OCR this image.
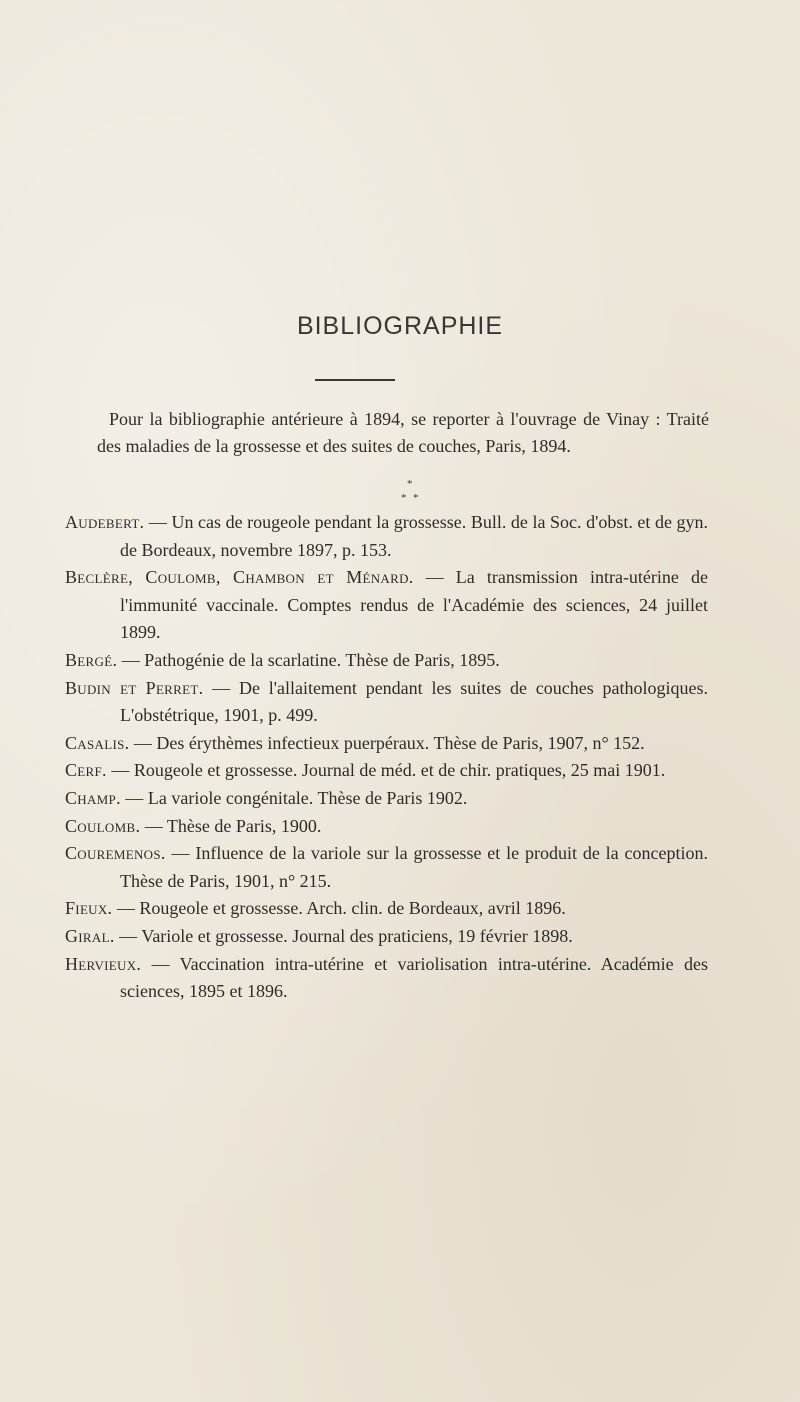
BIBLIOGRAPHIE

Pour la bibliographie antérieure à 1894, se reporter à l'ouvrage de Vinay : Traité des maladies de la grossesse et des suites de couches, Paris, 1894.

*
* *
Audebert. — Un cas de rougeole pendant la grossesse. Bull. de la Soc. d'obst. et de gyn. de Bordeaux, novembre 1897, p. 153.
Beclère, Coulomb, Chambon et Ménard. — La transmission intra-utérine de l'immunité vaccinale. Comptes rendus de l'Académie des sciences, 24 juillet 1899.
Bergé. — Pathogénie de la scarlatine. Thèse de Paris, 1895.
Budin et Perret. — De l'allaitement pendant les suites de couches pathologiques. L'obstétrique, 1901, p. 499.
Casalis. — Des érythèmes infectieux puerpéraux. Thèse de Paris, 1907, n° 152.
Cerf. — Rougeole et grossesse. Journal de méd. et de chir. pratiques, 25 mai 1901.
Champ. — La variole congénitale. Thèse de Paris 1902.
Coulomb. — Thèse de Paris, 1900.
Couremenos. — Influence de la variole sur la grossesse et le produit de la conception. Thèse de Paris, 1901, n° 215.
Fieux. — Rougeole et grossesse. Arch. clin. de Bordeaux, avril 1896.
Giral. — Variole et grossesse. Journal des praticiens, 19 février 1898.
Hervieux. — Vaccination intra-utérine et variolisation intra-utérine. Académie des sciences, 1895 et 1896.
